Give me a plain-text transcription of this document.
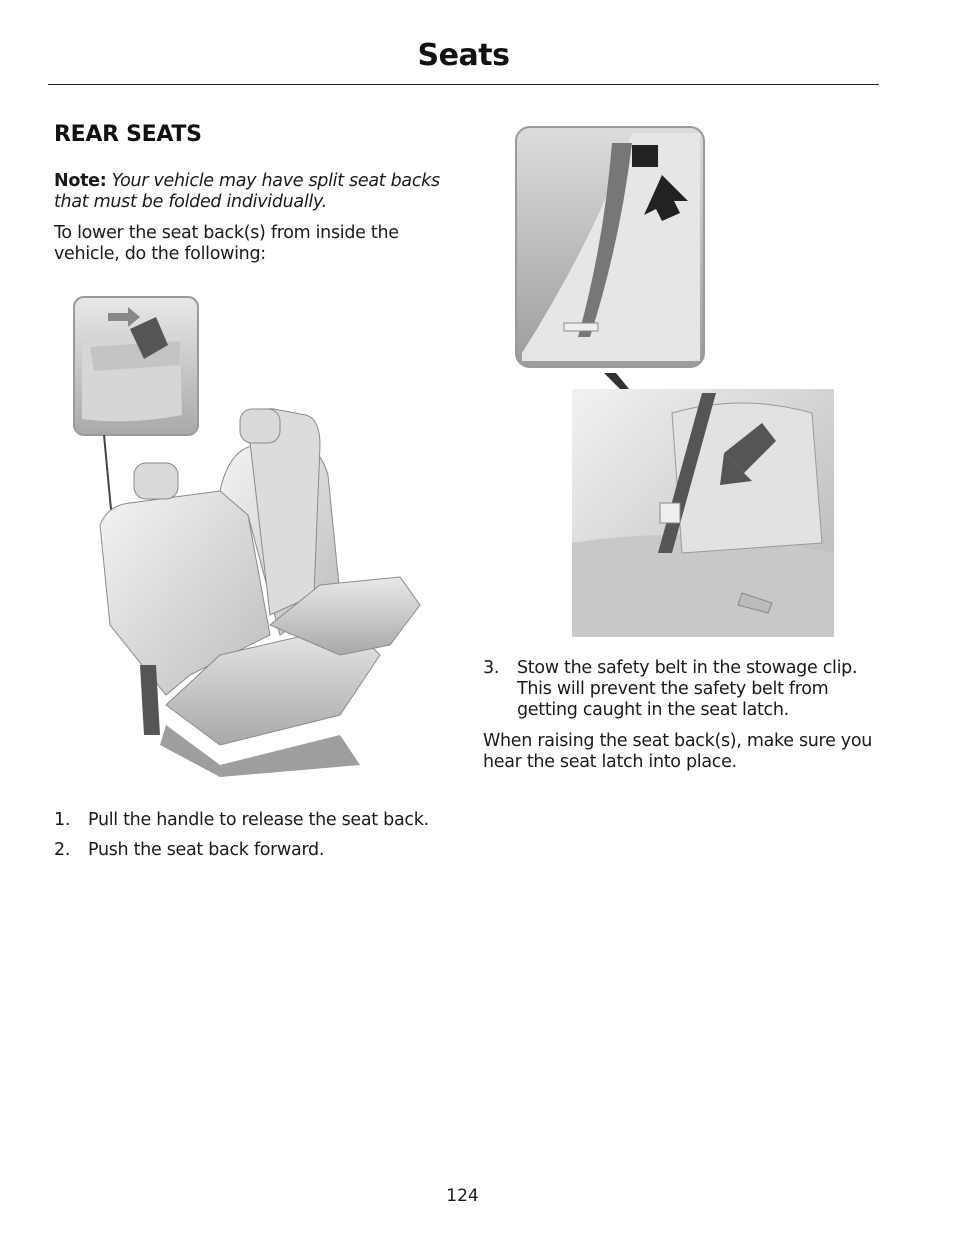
Seats
REAR SEATS
Note: Your vehicle may have split seat backs that must be folded individually.
To lower the seat back(s) from inside the vehicle, do the following:
3. Stow the safety belt in the stowage clip. This will prevent the safety belt from getting caught in the seat latch.
When raising the seat back(s), make sure you hear the seat latch into place.
1. Pull the handle to release the seat back.
2. Push the seat back forward.
124
